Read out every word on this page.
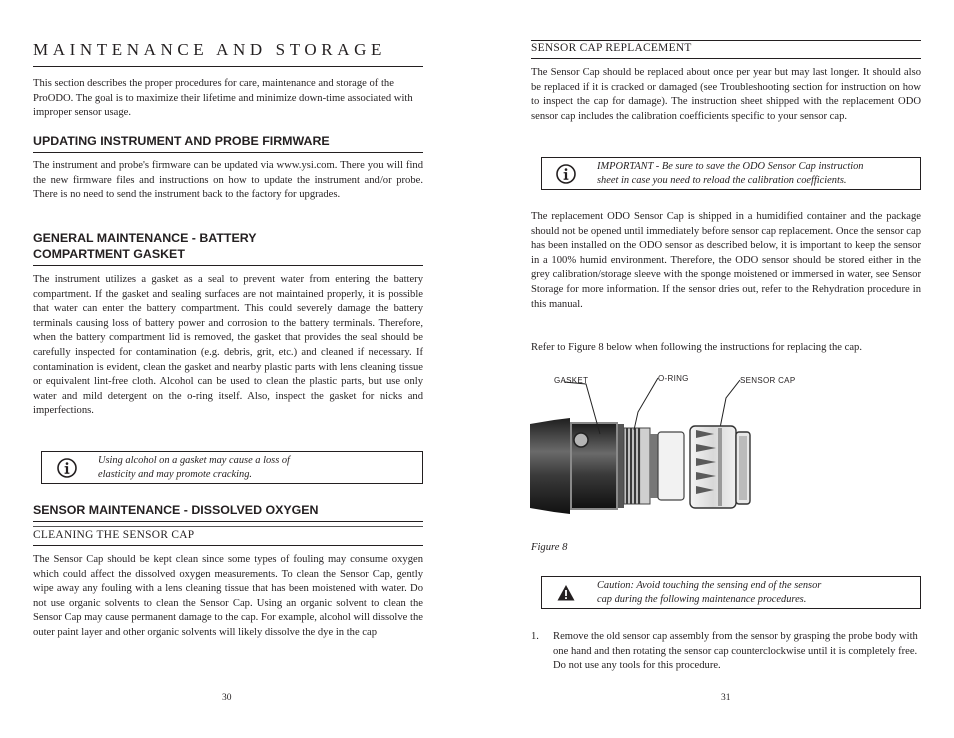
MAINTENANCE AND STORAGE

This section describes the proper procedures for care, maintenance and storage of the ProODO. The goal is to maximize their lifetime and minimize down-time associated with improper sensor usage.

UPDATING INSTRUMENT AND PROBE FIRMWARE

The instrument and probe's firmware can be updated via www.ysi.com. There you will find the new firmware files and instructions on how to update the instrument and/or probe. There is no need to send the instrument back to the factory for upgrades.

GENERAL MAINTENANCE - BATTERY
COMPARTMENT GASKET

The instrument utilizes a gasket as a seal to prevent water from entering the battery compartment. If the gasket and sealing surfaces are not maintained properly, it is possible that water can enter the battery compartment. This could severely damage the battery terminals causing loss of battery power and corrosion to the battery terminals. Therefore, when the battery compartment lid is removed, the gasket that provides the seal should be carefully inspected for contamination (e.g. debris, grit, etc.) and cleaned if necessary. If contamination is evident, clean the gasket and nearby plastic parts with lens cleaning tissue or equivalent lint-free cloth. Alcohol can be used to clean the plastic parts, but use only water and mild detergent on the o-ring itself. Also, inspect the gasket for nicks and imperfections.

Using alcohol on a gasket may cause a loss of
elasticity and may promote cracking.
SENSOR MAINTENANCE - DISSOLVED OXYGEN
CLEANING THE SENSOR CAP

The Sensor Cap should be kept clean since some types of fouling may consume oxygen which could affect the dissolved oxygen measurements. To clean the Sensor Cap, gently wipe away any fouling with a lens cleaning tissue that has been moistened with water. Do not use organic solvents to clean the Sensor Cap. Using an organic solvent to clean the Sensor Cap may cause permanent damage to the cap. For example, alcohol will dissolve the outer paint layer and other organic solvents will likely dissolve the dye in the cap

30
SENSOR CAP REPLACEMENT

The Sensor Cap should be replaced about once per year but may last longer. It should also be replaced if it is cracked or damaged (see Troubleshooting section for instruction on how to inspect the cap for damage). The instruction sheet shipped with the replacement ODO sensor cap includes the calibration coefficients specific to your sensor cap.

IMPORTANT - Be sure to save the ODO Sensor Cap instruction
sheet in case you need to reload the calibration coefficients.

The replacement ODO Sensor Cap is shipped in a humidified container and the package should not be opened until immediately before sensor cap replacement. Once the sensor cap has been installed on the ODO sensor as described below, it is important to keep the sensor in a 100% humid environment. Therefore, the ODO sensor should be stored either in the grey calibration/storage sleeve with the sponge moistened or immersed in water, see Sensor Storage for more information. If the sensor dries out, refer to the Rehydration procedure in this manual.

Refer to Figure 8 below when following the instructions for replacing the cap.

GASKET	O-RING	SENSOR CAP
Figure 8
Caution: Avoid touching the sensing end of the sensor
cap during the following maintenance procedures.
1. Remove the old sensor cap assembly from the sensor by grasping the probe body with one hand and then rotating the sensor cap counterclockwise until it is completely free. Do not use any tools for this procedure.

31
